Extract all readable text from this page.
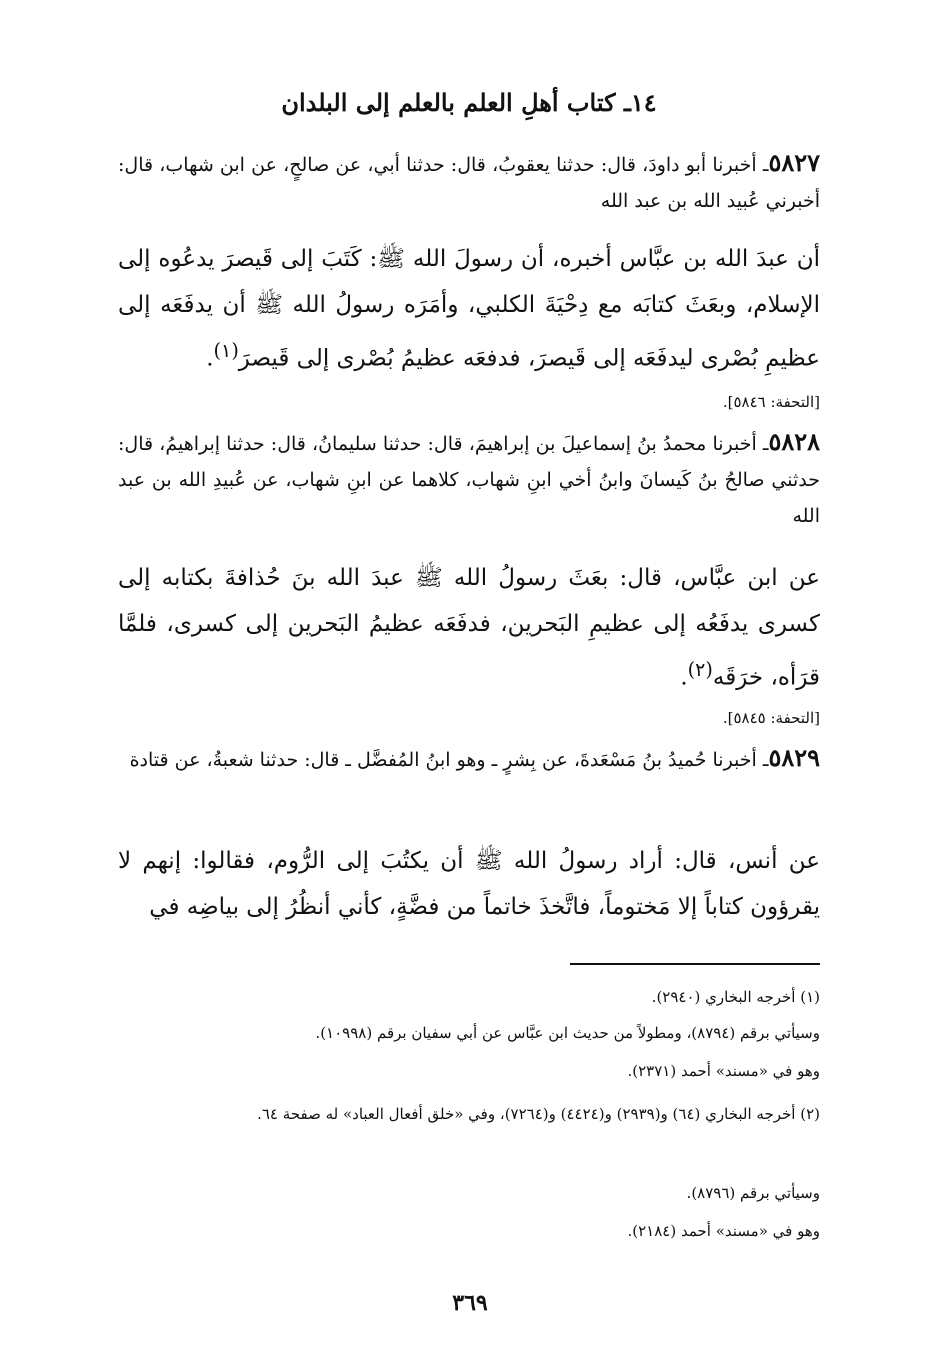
١٤ـ كتاب أهلِ العلم بالعلم إلى البلدان

٥٨٢٧ـ أخبرنا أبو داودَ، قال: حدثنا يعقوبُ، قال: حدثنا أبي، عن صالحٍ، عن ابن شهاب، قال: أخبرني عُبيد الله بن عبد الله

أن عبدَ الله بن عبَّاس أخبره، أن رسولَ الله ﷺ: كَتَبَ إلى قَيصرَ يدعُوه إلى الإسلام، وبعَثَ كتابَه مع دِحْيَةَ الكلبي، وأمَرَه رسولُ الله ﷺ أن يدفَعَه إلى عظيمِ بُصْرى ليدفَعَه إلى قَيصرَ، فدفعَه عظيمُ بُصْرى إلى قَيصرَ$^{(١)}$.

[التحفة: ٥٨٤٦].

٥٨٢٨ـ أخبرنا محمدُ بنُ إسماعيلَ بن إبراهيمَ، قال: حدثنا سليمانُ، قال: حدثنا إبراهيمُ، قال: حدثني صالحُ بنُ كَيسانَ وابنُ أخي ابنِ شهاب، كلاهما عن ابنِ شهاب، عن عُبيدِ الله بن عبد الله

عن ابن عبَّاس، قال: بعَثَ رسولُ الله ﷺ عبدَ الله بنَ حُذافةَ بكتابه إلى كسرى يدفَعُه إلى عظيمِ البَحرين، فدفَعَه عظيمُ البَحرين إلى كسرى، فلمَّا قرَأه، خرَقَه$^{(٢)}$.

[التحفة: ٥٨٤٥].

٥٨٢٩ـ أخبرنا حُميدُ بنُ مَسْعَدةَ، عن بِشرٍ ـ وهو ابنُ المُفضَّل ـ قال: حدثنا شعبةُ، عن قتادة

عن أنس، قال: أراد رسولُ الله ﷺ أن يكتُبَ إلى الرُّوم، فقالوا: إنهم لا يقرؤون كتاباً إلا مَختوماً، فاتَّخذَ خاتماً من فضَّةٍ، كأني أنظُرُ إلى بياضِه في

(١) أخرجه البخاري (٢٩٤٠).

وسيأتي برقم (٨٧٩٤)، ومطولاً من حديث ابن عبَّاس عن أبي سفيان برقم (١٠٩٩٨).

وهو في «مسند» أحمد (٢٣٧١).

(٢) أخرجه البخاري (٦٤) و(٢٩٣٩) و(٤٤٢٤) و(٧٢٦٤)، وفي «خلق أفعال العباد» له صفحة ٦٤.

وسيأتي برقم (٨٧٩٦).

وهو في «مسند» أحمد (٢١٨٤).

٣٦٩
